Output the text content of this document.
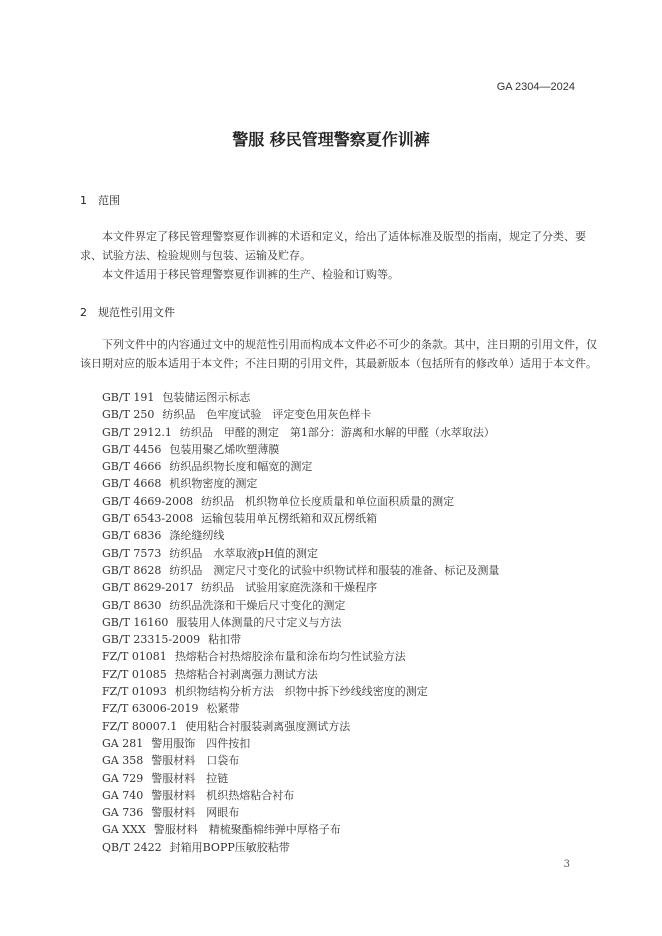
GA 2304—2024
警服 移民管理警察夏作训裤
1 范围

本文件界定了移民管理警察夏作训裤的术语和定义，给出了适体标准及版型的指南，规定了分类、要求、试验方法、检验规则与包装、运输及贮存。

本文件适用于移民管理警察夏作训裤的生产、检验和订购等。

2 规范性引用文件

下列文件中的内容通过文中的规范性引用而构成本文件必不可少的条款。其中，注日期的引用文件，仅该日期对应的版本适用于本文件；不注日期的引用文件，其最新版本（包括所有的修改单）适用于本文件。

GB/T 191 包装储运图示标志
GB/T 250 纺织品　色牢度试验　评定变色用灰色样卡
GB/T 2912.1 纺织品　甲醛的测定　第1部分：游离和水解的甲醛（水萃取法）
GB/T 4456 包装用聚乙烯吹塑薄膜
GB/T 4666 纺织品织物长度和幅宽的测定
GB/T 4668 机织物密度的测定
GB/T 4669-2008 纺织品　机织物单位长度质量和单位面积质量的测定
GB/T 6543-2008 运输包装用单瓦楞纸箱和双瓦楞纸箱
GB/T 6836 涤纶缝纫线
GB/T 7573 纺织品　水萃取液pH值的测定
GB/T 8628 纺织品　测定尺寸变化的试验中织物试样和服装的准备、标记及测量
GB/T 8629-2017 纺织品　试验用家庭洗涤和干燥程序
GB/T 8630 纺织品洗涤和干燥后尺寸变化的测定
GB/T 16160 服装用人体测量的尺寸定义与方法
GB/T 23315-2009 粘扣带
FZ/T 01081 热熔粘合衬热熔胶涂布量和涂布均匀性试验方法
FZ/T 01085 热熔粘合衬剥离强力测试方法
FZ/T 01093 机织物结构分析方法　织物中拆下纱线线密度的测定
FZ/T 63006-2019 松紧带
FZ/T 80007.1 使用粘合衬服装剥离强度测试方法
GA 281 警用服饰　四件按扣
GA 358 警服材料　口袋布
GA 729 警服材料　拉链
GA 740 警服材料　机织热熔粘合衬布
GA 736 警服材料　网眼布
GA XXX 警服材料　精梳聚酯棉纬弹中厚格子布
QB/T 2422 封箱用BOPP压敏胶粘带
3
